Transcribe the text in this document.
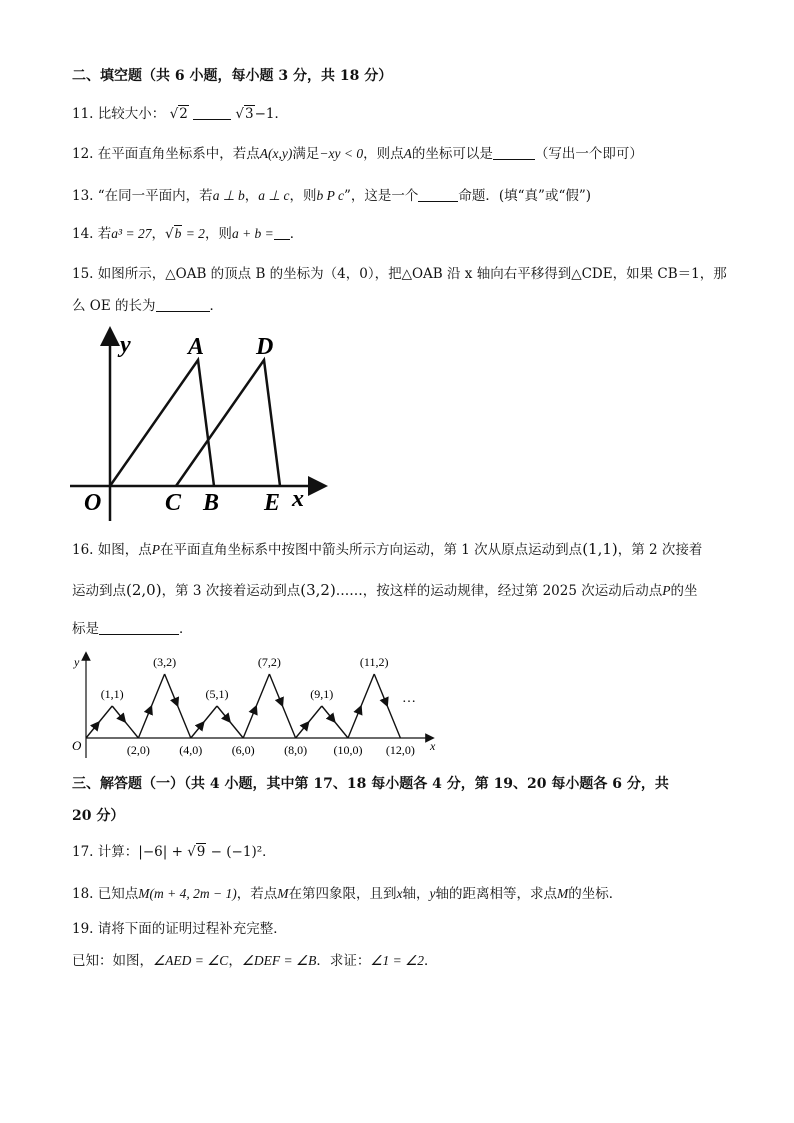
二、填空题（共 6 小题，每小题 3 分，共 18 分）
11. 比较大小： √2	√3−1．
12. 在平面直角坐标系中，若点A(x,y)满足−xy < 0，则点A的坐标可以是	（写出一个即可）
13. “在同一平面内，若a ⊥ b，a ⊥ c，则b P c”，这是一个	命题．(填“真”或“假”)
14. 若a³ = 27，√b = 2，则a + b = ．
15. 如图所示，△OAB 的顶点 B 的坐标为（4，0），把△OAB 沿 x 轴向右平移得到△CDE，如果 CB＝1，那
么 OE 的长为	．
y
x
O	C B E
A D
16. 如图，点P在平面直角坐标系中按图中箭头所示方向运动，第 1 次从原点运动到点(1,1)，第 2 次接着
运动到点(2,0)，第 3 次接着运动到点(3,2)……，按这样的运动规律，经过第 2025 次运动后动点P的坐
标是	．
y
x
O
…
(1,1)
(2,0)
(3,2)
(4,0)
(5,1)
(6,0)
(7,2)
(8,0)
(9,1)
(10,0)
(11,2)
(12,0)
三、解答题（一）（共 4 小题，其中第 17、18 每小题各 4 分，第 19、20 每小题各 6 分，共
20 分）
17. 计算：|−6| + √9 − (−1)²．
18. 已知点M(m + 4, 2m − 1)，若点M在第四象限，且到x轴，y轴的距离相等，求点M的坐标．
19. 请将下面的证明过程补充完整．
已知：如图，∠AED = ∠C，∠DEF = ∠B．求证：∠1 = ∠2．
